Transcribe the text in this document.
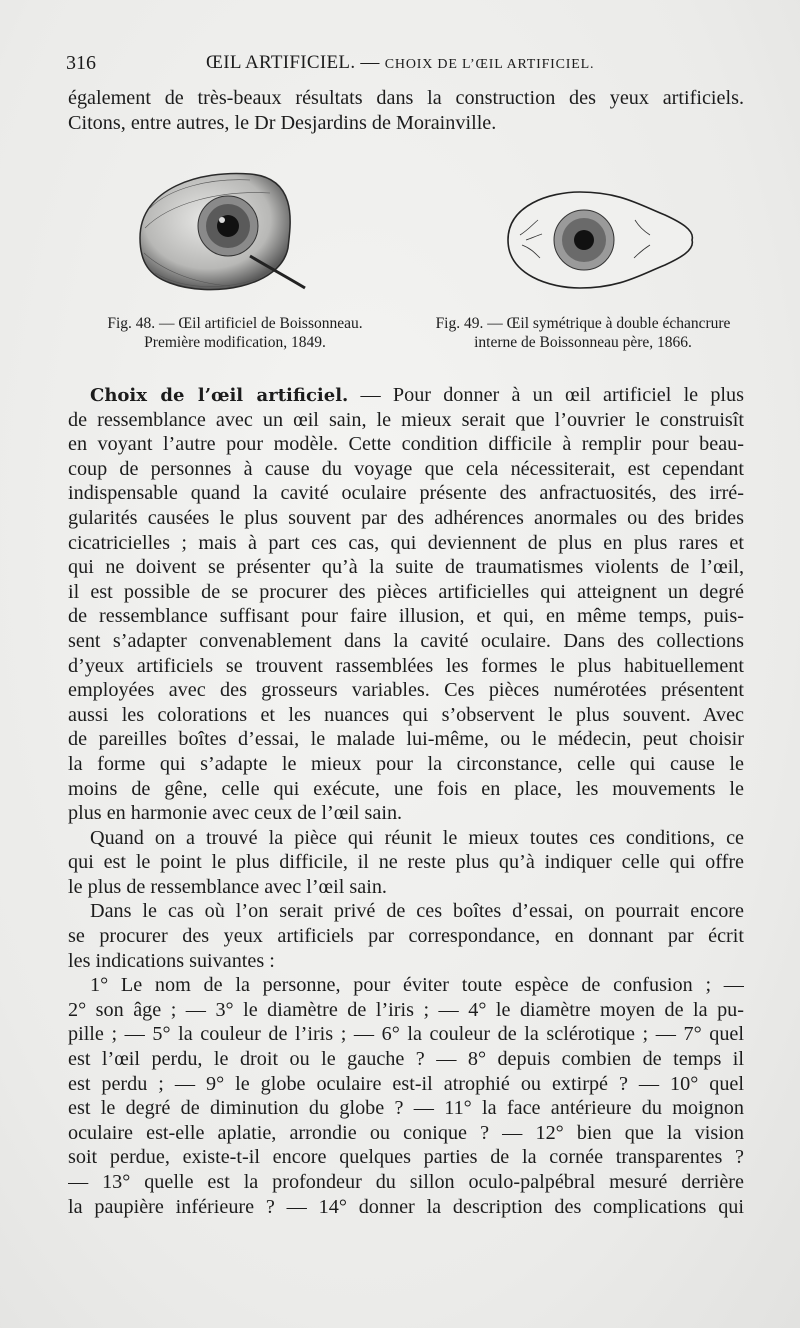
316	ŒIL ARTIFICIEL. — CHOIX DE L’ŒIL ARTIFICIEL.
également de très-beaux résultats dans la construction des yeux artificiels.
Citons, entre autres, le Dr Desjardins de Morainville.
Fig. 48. — Œil artificiel de Boissonneau.
Première modification, 1849.
Fig. 49. — Œil symétrique à double échancrure
interne de Boissonneau père, 1866.
Choix de l’œil artificiel. — Pour donner à un œil artificiel le plus
de ressemblance avec un œil sain, le mieux serait que l’ouvrier le construisît
en voyant l’autre pour modèle. Cette condition difficile à remplir pour beau-
coup de personnes à cause du voyage que cela nécessiterait, est cependant
indispensable quand la cavité oculaire présente des anfractuosités, des irré-
gularités causées le plus souvent par des adhérences anormales ou des brides
cicatricielles ; mais à part ces cas, qui deviennent de plus en plus rares et
qui ne doivent se présenter qu’à la suite de traumatismes violents de l’œil,
il est possible de se procurer des pièces artificielles qui atteignent un degré
de ressemblance suffisant pour faire illusion, et qui, en même temps, puis-
sent s’adapter convenablement dans la cavité oculaire. Dans des collections
d’yeux artificiels se trouvent rassemblées les formes le plus habituellement
employées avec des grosseurs variables. Ces pièces numérotées présentent
aussi les colorations et les nuances qui s’observent le plus souvent. Avec
de pareilles boîtes d’essai, le malade lui-même, ou le médecin, peut choisir
la forme qui s’adapte le mieux pour la circonstance, celle qui cause le
moins de gêne, celle qui exécute, une fois en place, les mouvements le
plus en harmonie avec ceux de l’œil sain.
Quand on a trouvé la pièce qui réunit le mieux toutes ces conditions, ce
qui est le point le plus difficile, il ne reste plus qu’à indiquer celle qui offre
le plus de ressemblance avec l’œil sain.
Dans le cas où l’on serait privé de ces boîtes d’essai, on pourrait encore
se procurer des yeux artificiels par correspondance, en donnant par écrit
les indications suivantes :
1° Le nom de la personne, pour éviter toute espèce de confusion ; —
2° son âge ; — 3° le diamètre de l’iris ; — 4° le diamètre moyen de la pu-
pille ; — 5° la couleur de l’iris ; — 6° la couleur de la sclérotique ; — 7° quel
est l’œil perdu, le droit ou le gauche ? — 8° depuis combien de temps il
est perdu ; — 9° le globe oculaire est-il atrophié ou extirpé ? — 10° quel
est le degré de diminution du globe ? — 11° la face antérieure du moignon
oculaire est-elle aplatie, arrondie ou conique ? — 12° bien que la vision
soit perdue, existe-t-il encore quelques parties de la cornée transparentes ?
— 13° quelle est la profondeur du sillon oculo-palpébral mesuré derrière
la paupière inférieure ? — 14° donner la description des complications qui
